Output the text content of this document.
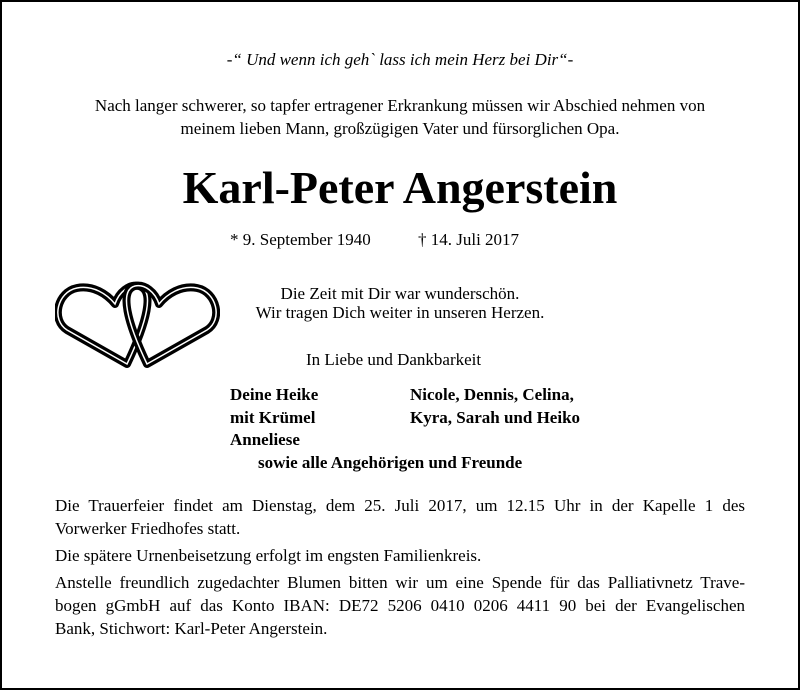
-“ Und wenn ich geh` lass ich mein Herz bei Dir“-
Nach langer schwerer, so tapfer ertragener Erkrankung müssen wir Abschied nehmen von
meinem lieben Mann, großzügigen Vater und fürsorglichen Opa.
Karl-Peter Angerstein
* 9. September 1940	† 14. Juli 2017
Die Zeit mit Dir war wunderschön.
Wir tragen Dich weiter in unseren Herzen.
In Liebe und Dankbarkeit
Deine Heike
mit Krümel
Anneliese
Nicole, Dennis, Celina,
Kyra, Sarah und Heiko
sowie alle Angehörigen und Freunde
Die Trauerfeier findet am Dienstag, dem 25. Juli 2017, um 12.15 Uhr in der Kapelle 1 des
Vorwerker Friedhofes statt.
Die spätere Urnenbeisetzung erfolgt im engsten Familienkreis.
Anstelle freundlich zugedachter Blumen bitten wir um eine Spende für das Palliativnetz Trave-
bogen gGmbH auf das Konto IBAN: DE72 5206 0410 0206 4411 90 bei der Evangelischen
Bank, Stichwort: Karl-Peter Angerstein.
